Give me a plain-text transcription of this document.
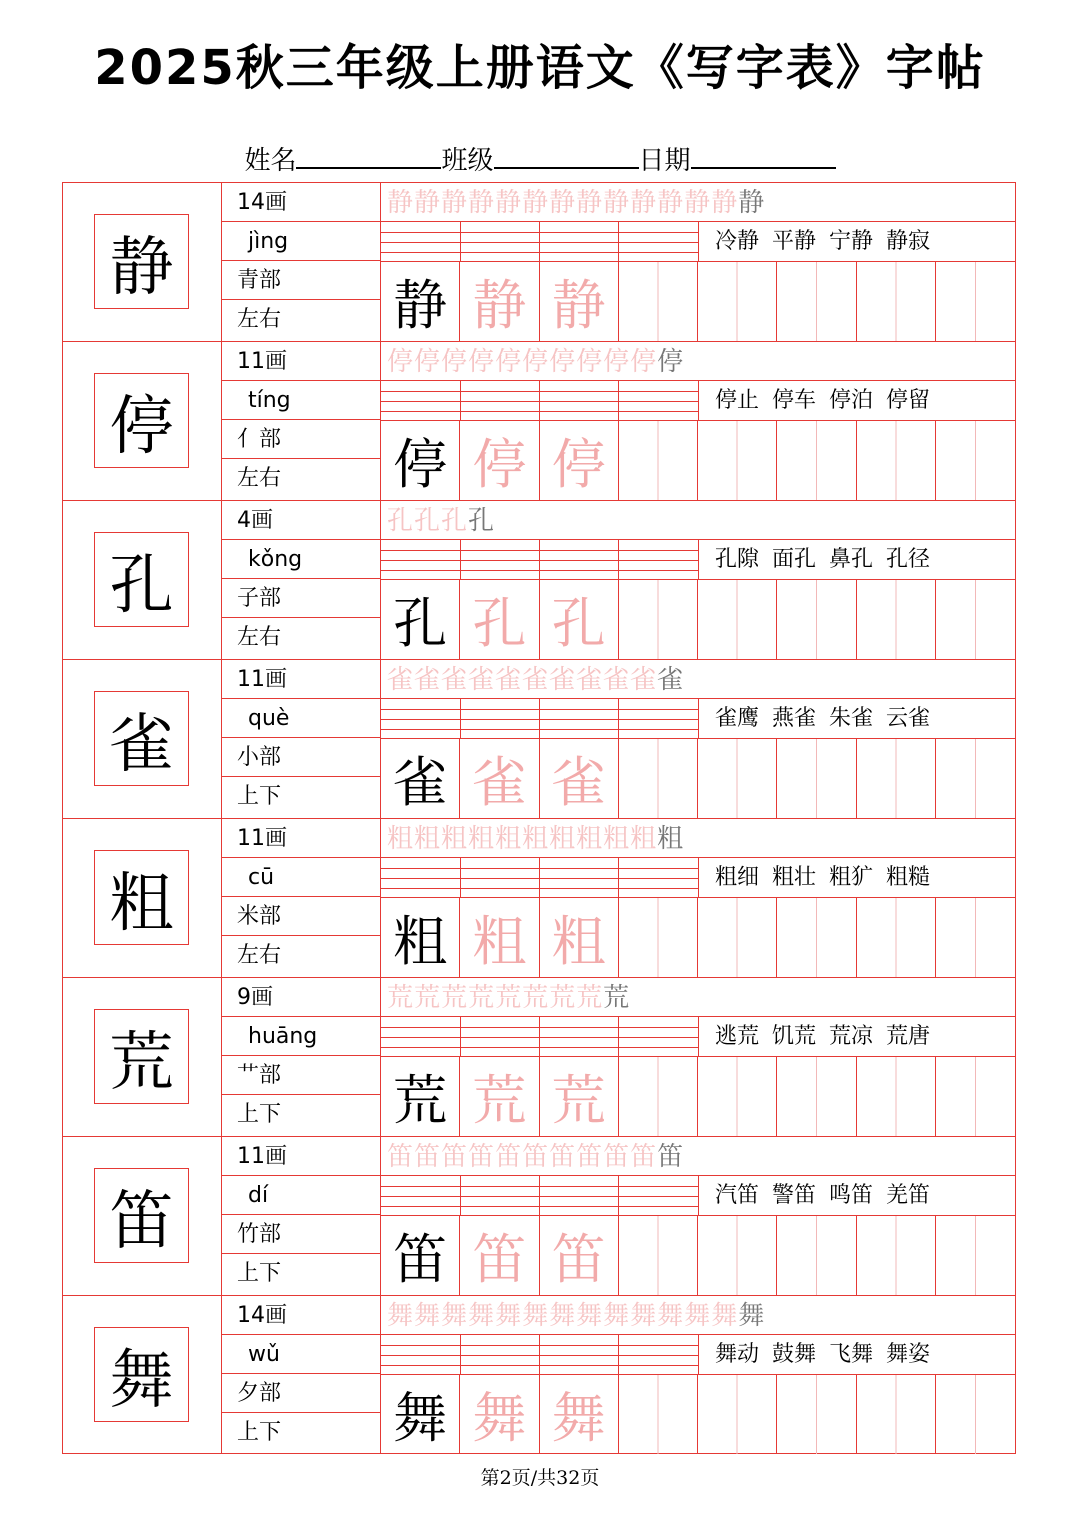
2025秋三年级上册语文《写字表》字帖
姓名	班级	日期
静
14画
jìng
青部
左右
静静静静静静静静静静静静静静
冷静 平静 宁静 静寂
静 静 静
停
11画
tíng
亻部
左右
停停停停停停停停停停停
停止 停车 停泊 停留
停 停 停
孔
4画
kǒng
子部
左右
孔孔孔孔
孔隙 面孔 鼻孔 孔径
孔 孔 孔
雀
11画
què
小部
上下
雀雀雀雀雀雀雀雀雀雀雀
雀鹰 燕雀 朱雀 云雀
雀 雀 雀
粗
11画
cū
米部
左右
粗粗粗粗粗粗粗粗粗粗粗
粗细 粗壮 粗犷 粗糙
粗 粗 粗
荒
9画
huāng
艹部
上下
荒荒荒荒荒荒荒荒荒
逃荒 饥荒 荒凉 荒唐
荒 荒 荒
笛
11画
dí
竹部
上下
笛笛笛笛笛笛笛笛笛笛笛
汽笛 警笛 鸣笛 羌笛
笛 笛 笛
舞
14画
wǔ
夕部
上下
舞舞舞舞舞舞舞舞舞舞舞舞舞舞
舞动 鼓舞 飞舞 舞姿
舞 舞 舞
第2页/共32页
